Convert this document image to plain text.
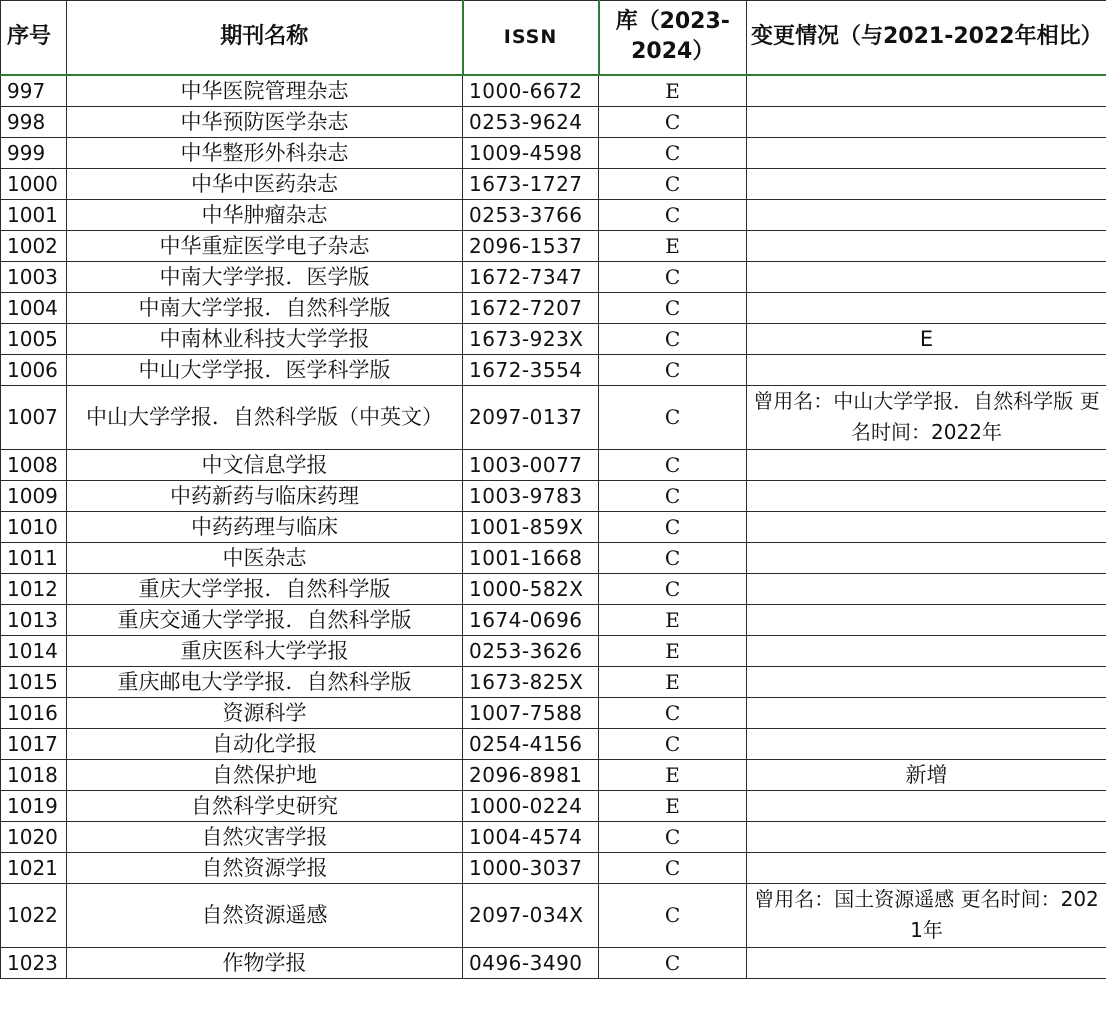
序号	期刊名称	ISSN	库（2023-2024）	变更情况（与2021-2022年相比）
997	中华医院管理杂志	1000-6672	E	
998	中华预防医学杂志	0253-9624	C	
999	中华整形外科杂志	1009-4598	C	
1000	中华中医药杂志	1673-1727	C	
1001	中华肿瘤杂志	0253-3766	C	
1002	中华重症医学电子杂志	2096-1537	E	
1003	中南大学学报．医学版	1672-7347	C	
1004	中南大学学报．自然科学版	1672-7207	C	
1005	中南林业科技大学学报	1673-923X	C	E
1006	中山大学学报．医学科学版	1672-3554	C	
1007	中山大学学报．自然科学版（中英文）	2097-0137	C	曾用名：中山大学学报．自然科学版 更名时间：2022年
1008	中文信息学报	1003-0077	C	
1009	中药新药与临床药理	1003-9783	C	
1010	中药药理与临床	1001-859X	C	
1011	中医杂志	1001-1668	C	
1012	重庆大学学报．自然科学版	1000-582X	C	
1013	重庆交通大学学报．自然科学版	1674-0696	E	
1014	重庆医科大学学报	0253-3626	E	
1015	重庆邮电大学学报．自然科学版	1673-825X	E	
1016	资源科学	1007-7588	C	
1017	自动化学报	0254-4156	C	
1018	自然保护地	2096-8981	E	新增
1019	自然科学史研究	1000-0224	E	
1020	自然灾害学报	1004-4574	C	
1021	自然资源学报	1000-3037	C	
1022	自然资源遥感	2097-034X	C	曾用名：国土资源遥感 更名时间：2021年
1023	作物学报	0496-3490	C	
